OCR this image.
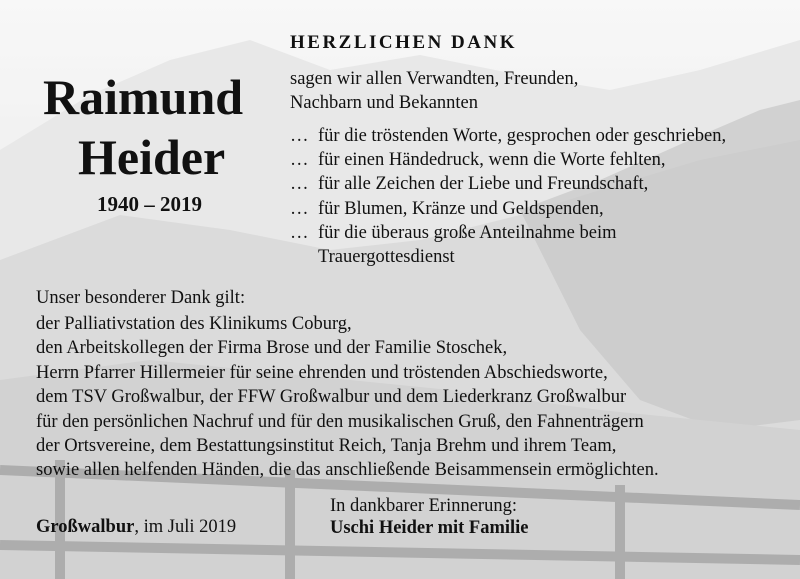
HERZLICHEN DANK
Raimund
Heider
1940 – 2019
sagen wir allen Verwandten, Freunden,
Nachbarn und Bekannten
… für die tröstenden Worte, gesprochen oder geschrieben,
… für einen Händedruck, wenn die Worte fehlten,
… für alle Zeichen der Liebe und Freundschaft,
… für Blumen, Kränze und Geldspenden,
… für die überaus große Anteilnahme beim
Trauergottesdienst
Unser besonderer Dank gilt:
der Palliativstation des Klinikums Coburg,
den Arbeitskollegen der Firma Brose und der Familie Stoschek,
Herrn Pfarrer Hillermeier für seine ehrenden und tröstenden Abschiedsworte,
dem TSV Großwalbur, der FFW Großwalbur und dem Liederkranz Großwalbur
für den persönlichen Nachruf und für den musikalischen Gruß, den Fahnenträgern
der Ortsvereine, dem Bestattungsinstitut Reich, Tanja Brehm und ihrem Team,
sowie allen helfenden Händen, die das anschließende Beisammensein ermöglichten.
Großwalbur, im Juli 2019
In dankbarer Erinnerung:
Uschi Heider mit Familie
